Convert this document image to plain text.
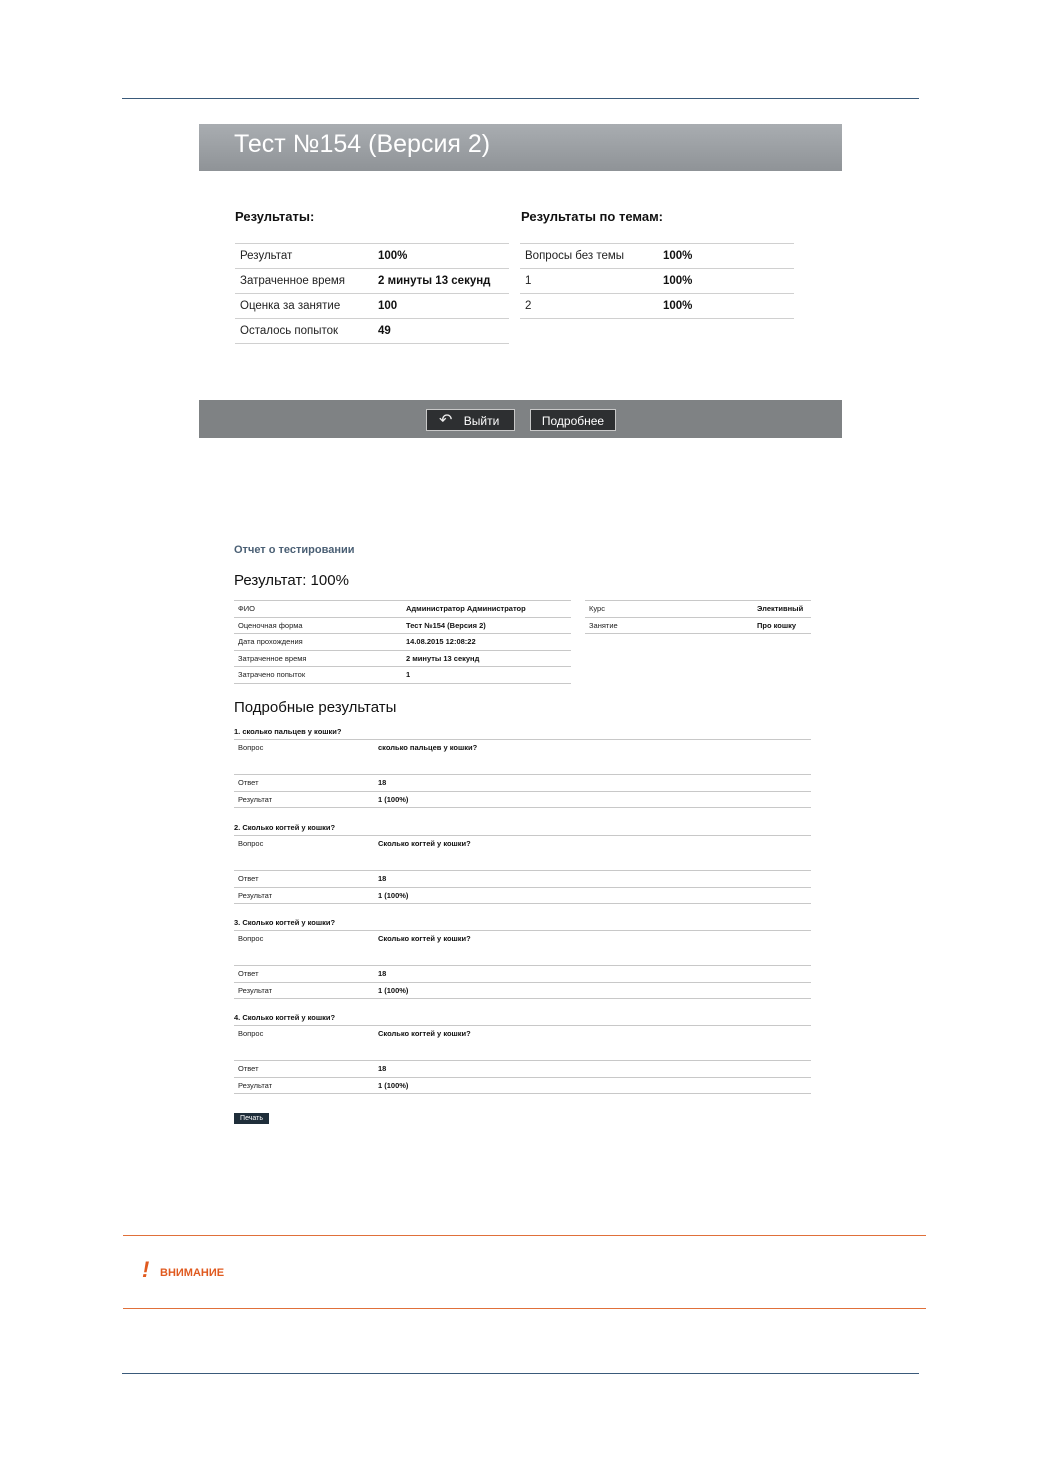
Тест №154 (Версия 2)
Результаты:	Результаты по темам:
Результат	100%
Затраченное время	2 минуты 13 секунд
Оценка за занятие	100
Осталось попыток	49
Вопросы без темы	100%
1	100%
2	100%
↶ Выйти	Подробнее
Отчет о тестировании
Результат: 100%
ФИО	Администратор Администратор
Оценочная форма	Тест №154 (Версия 2)
Дата прохождения	14.08.2015 12:08:22
Затраченное время	2 минуты 13 секунд
Затрачено попыток	1
Курс	Элективный
Занятие	Про кошку
Подробные результаты
1. сколько пальцев у кошки?
Вопрос	сколько пальцев у кошки?
Ответ	18
Результат	1 (100%)
2. Сколько когтей у кошки?
Вопрос	Сколько когтей у кошки?
Ответ	18
Результат	1 (100%)
3. Сколько когтей у кошки?
Вопрос	Сколько когтей у кошки?
Ответ	18
Результат	1 (100%)
4. Сколько когтей у кошки?
Вопрос	Сколько когтей у кошки?
Ответ	18
Результат	1 (100%)
Печать
! ВНИМАНИЕ
